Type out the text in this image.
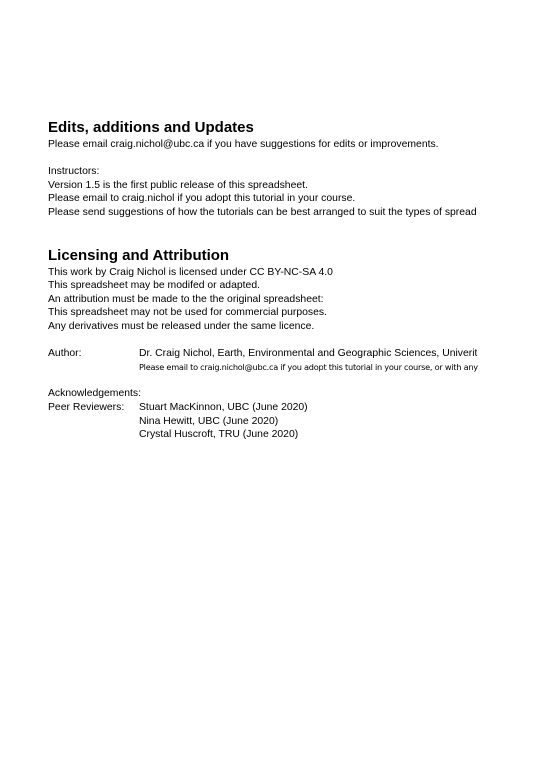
Edits, additions and Updates
Please email craig.nichol@ubc.ca if you have suggestions for edits or improvements.
Instructors:
Version 1.5 is the first public release of this spreadsheet.
Please email to craig.nichol if you adopt this tutorial in your course.
Please send suggestions of how the tutorials can be best arranged to suit the types of spread
Licensing and Attribution
This work by Craig Nichol is licensed under CC BY-NC-SA 4.0
This spreadsheet may be modifed or adapted.
An attribution must be made to the the original spreadsheet:
This spreadsheet may not be used for commercial purposes.
Any derivatives must be released under the same licence.
Author:	Dr. Craig Nichol, Earth, Environmental and Geographic Sciences, Univerit
Please email to craig.nichol@ubc.ca if you adopt this tutorial in your course, or with any
Acknowledgements:
Peer Reviewers:	Stuart MacKinnon, UBC (June 2020)
Nina Hewitt, UBC (June 2020)
Crystal Huscroft, TRU (June 2020)
